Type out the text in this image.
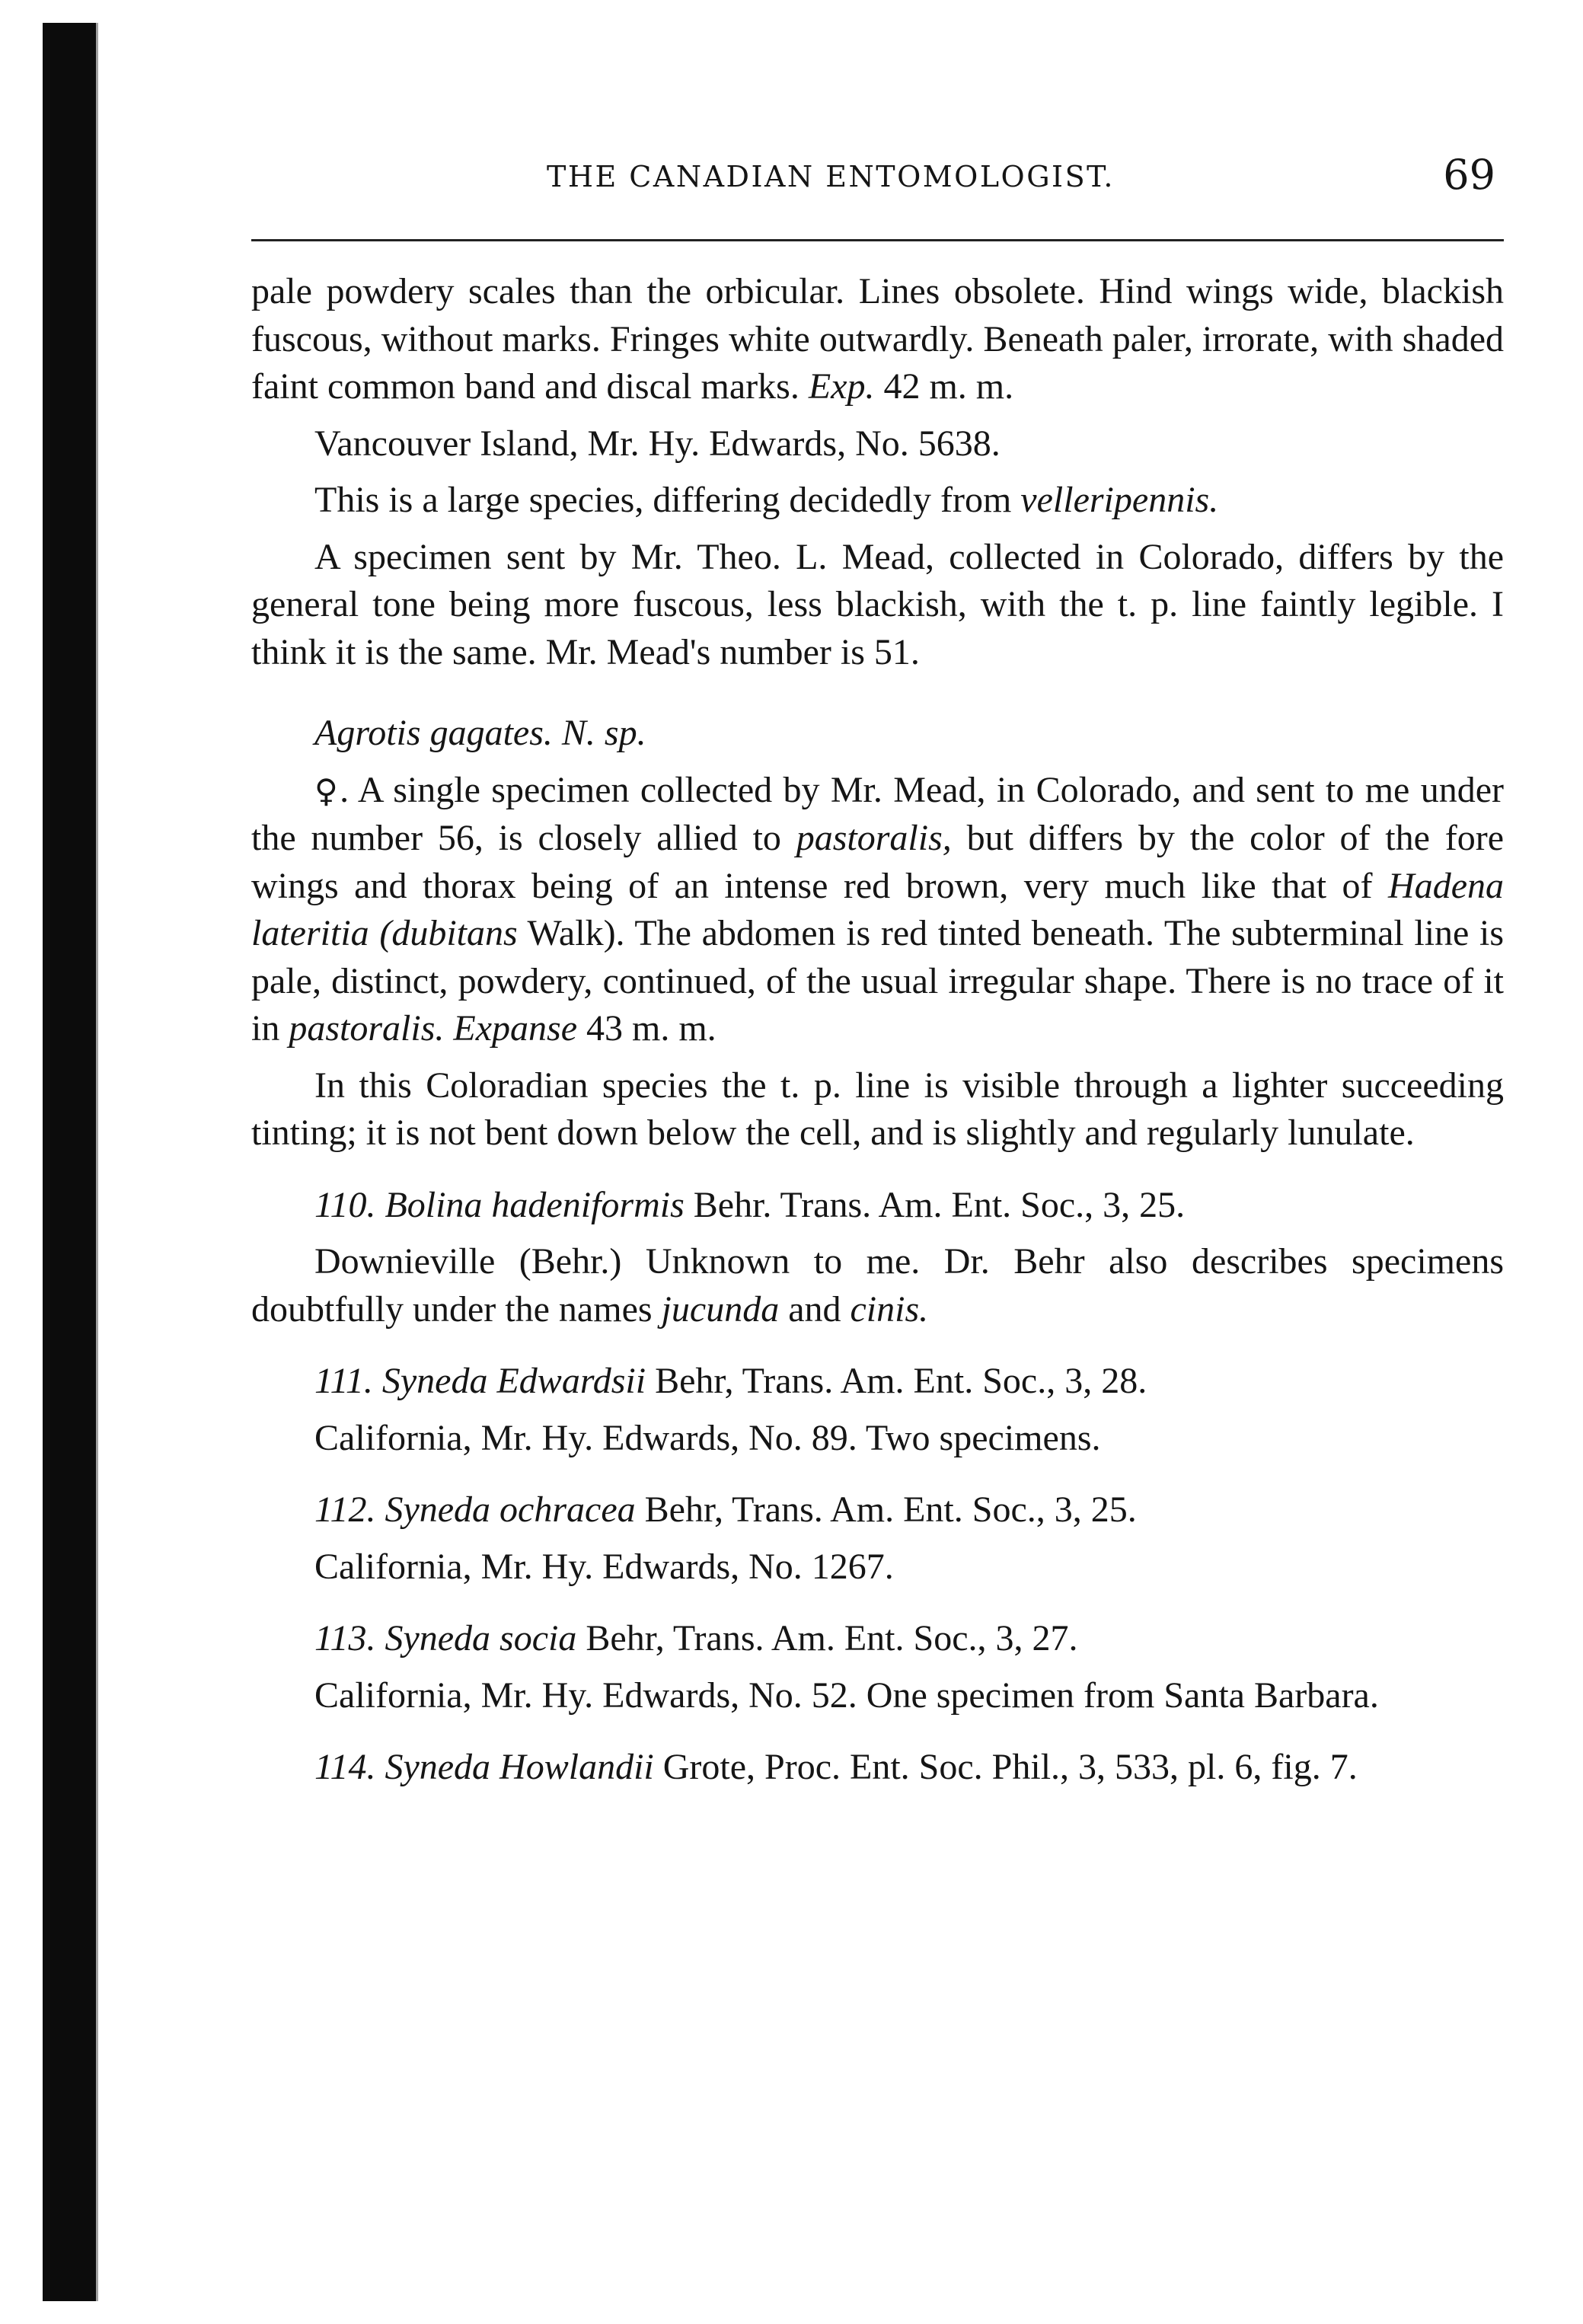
THE CANADIAN ENTOMOLOGIST.	69

pale powdery scales than the orbicular. Lines obsolete. Hind wings wide, blackish fuscous, without marks. Fringes white outwardly. Beneath paler, irrorate, with shaded faint common band and discal marks. Exp. 42 m. m.

Vancouver Island, Mr. Hy. Edwards, No. 5638.

This is a large species, differing decidedly from velleripennis.

A specimen sent by Mr. Theo. L. Mead, collected in Colorado, differs by the general tone being more fuscous, less blackish, with the t. p. line faintly legible. I think it is the same. Mr. Mead's number is 51.

Agrotis gagates. N. sp.

♀. A single specimen collected by Mr. Mead, in Colorado, and sent to me under the number 56, is closely allied to pastoralis, but differs by the color of the fore wings and thorax being of an intense red brown, very much like that of Hadena lateritia (dubitans Walk). The abdomen is red tinted beneath. The subterminal line is pale, distinct, powdery, continued, of the usual irregular shape. There is no trace of it in pastoralis. Expanse 43 m. m.

In this Coloradian species the t. p. line is visible through a lighter succeeding tinting; it is not bent down below the cell, and is slightly and regularly lunulate.

110. Bolina hadeniformis Behr. Trans. Am. Ent. Soc., 3, 25.

Downieville (Behr.) Unknown to me. Dr. Behr also describes specimens doubtfully under the names jucunda and cinis.

111. Syneda Edwardsii Behr, Trans. Am. Ent. Soc., 3, 28.

California, Mr. Hy. Edwards, No. 89. Two specimens.

112. Syneda ochracea Behr, Trans. Am. Ent. Soc., 3, 25.

California, Mr. Hy. Edwards, No. 1267.

113. Syneda socia Behr, Trans. Am. Ent. Soc., 3, 27.

California, Mr. Hy. Edwards, No. 52. One specimen from Santa Barbara.

114. Syneda Howlandii Grote, Proc. Ent. Soc. Phil., 3, 533, pl. 6, fig. 7.
